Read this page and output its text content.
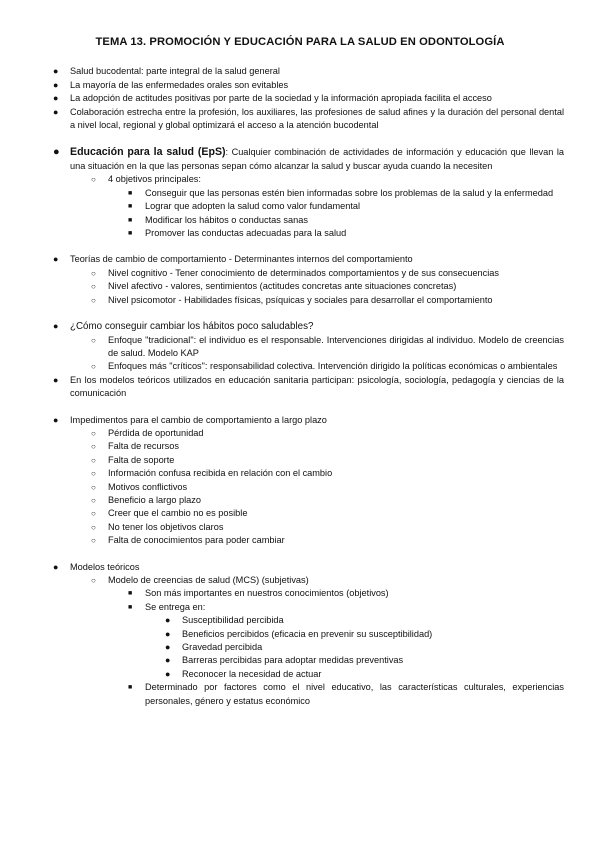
TEMA 13. PROMOCIÓN Y EDUCACIÓN PARA LA SALUD EN ODONTOLOGÍA
● Salud bucodental: parte integral de la salud general
● La mayoría de las enfermedades orales son evitables
● La adopción de actitudes positivas por parte de la sociedad y la información apropiada facilita el acceso
● Colaboración estrecha entre la profesión, los auxiliares, las profesiones de salud afines y la duración del personal dental a nivel local, regional y global optimizará el acceso a la atención bucodental
● Educación para la salud (EpS): Cualquier combinación de actividades de información y educación que llevan la una situación en la que las personas sepan cómo alcanzar la salud y buscar ayuda cuando la necesiten
○ 4 objetivos principales:
■ Conseguir que las personas estén bien informadas sobre los problemas de la salud y la enfermedad
■ Lograr que adopten la salud como valor fundamental
■ Modificar los hábitos o conductas sanas
■ Promover las conductas adecuadas para la salud
● Teorías de cambio de comportamiento - Determinantes internos del comportamiento
○ Nivel cognitivo - Tener conocimiento de determinados comportamientos y de sus consecuencias
○ Nivel afectivo - valores, sentimientos (actitudes concretas ante situaciones concretas)
○ Nivel psicomotor - Habilidades físicas, psíquicas y sociales para desarrollar el comportamiento
● ¿Cómo conseguir cambiar los hábitos poco saludables?
○ Enfoque "tradicional": el individuo es el responsable. Intervenciones dirigidas al individuo. Modelo de creencias de salud. Modelo KAP
○ Enfoques más "críticos": responsabilidad colectiva. Intervención dirigido la políticas económicas o ambientales
● En los modelos teóricos utilizados en educación sanitaria participan: psicología, sociología, pedagogía y ciencias de la comunicación
● Impedimentos para el cambio de comportamiento a largo plazo
○ Pérdida de oportunidad
○ Falta de recursos
○ Falta de soporte
○ Información confusa recibida en relación con el cambio
○ Motivos conflictivos
○ Beneficio a largo plazo
○ Creer que el cambio no es posible
○ No tener los objetivos claros
○ Falta de conocimientos para poder cambiar
● Modelos teóricos
○ Modelo de creencias de salud (MCS) (subjetivas)
■ Son más importantes en nuestros conocimientos (objetivos)
■ Se entrega en:
● Susceptibilidad percibida
● Beneficios percibidos (eficacia en prevenir su susceptibilidad)
● Gravedad percibida
● Barreras percibidas para adoptar medidas preventivas
● Reconocer la necesidad de actuar
■ Determinado por factores como el nivel educativo, las características culturales, experiencias personales, género y estatus económico
